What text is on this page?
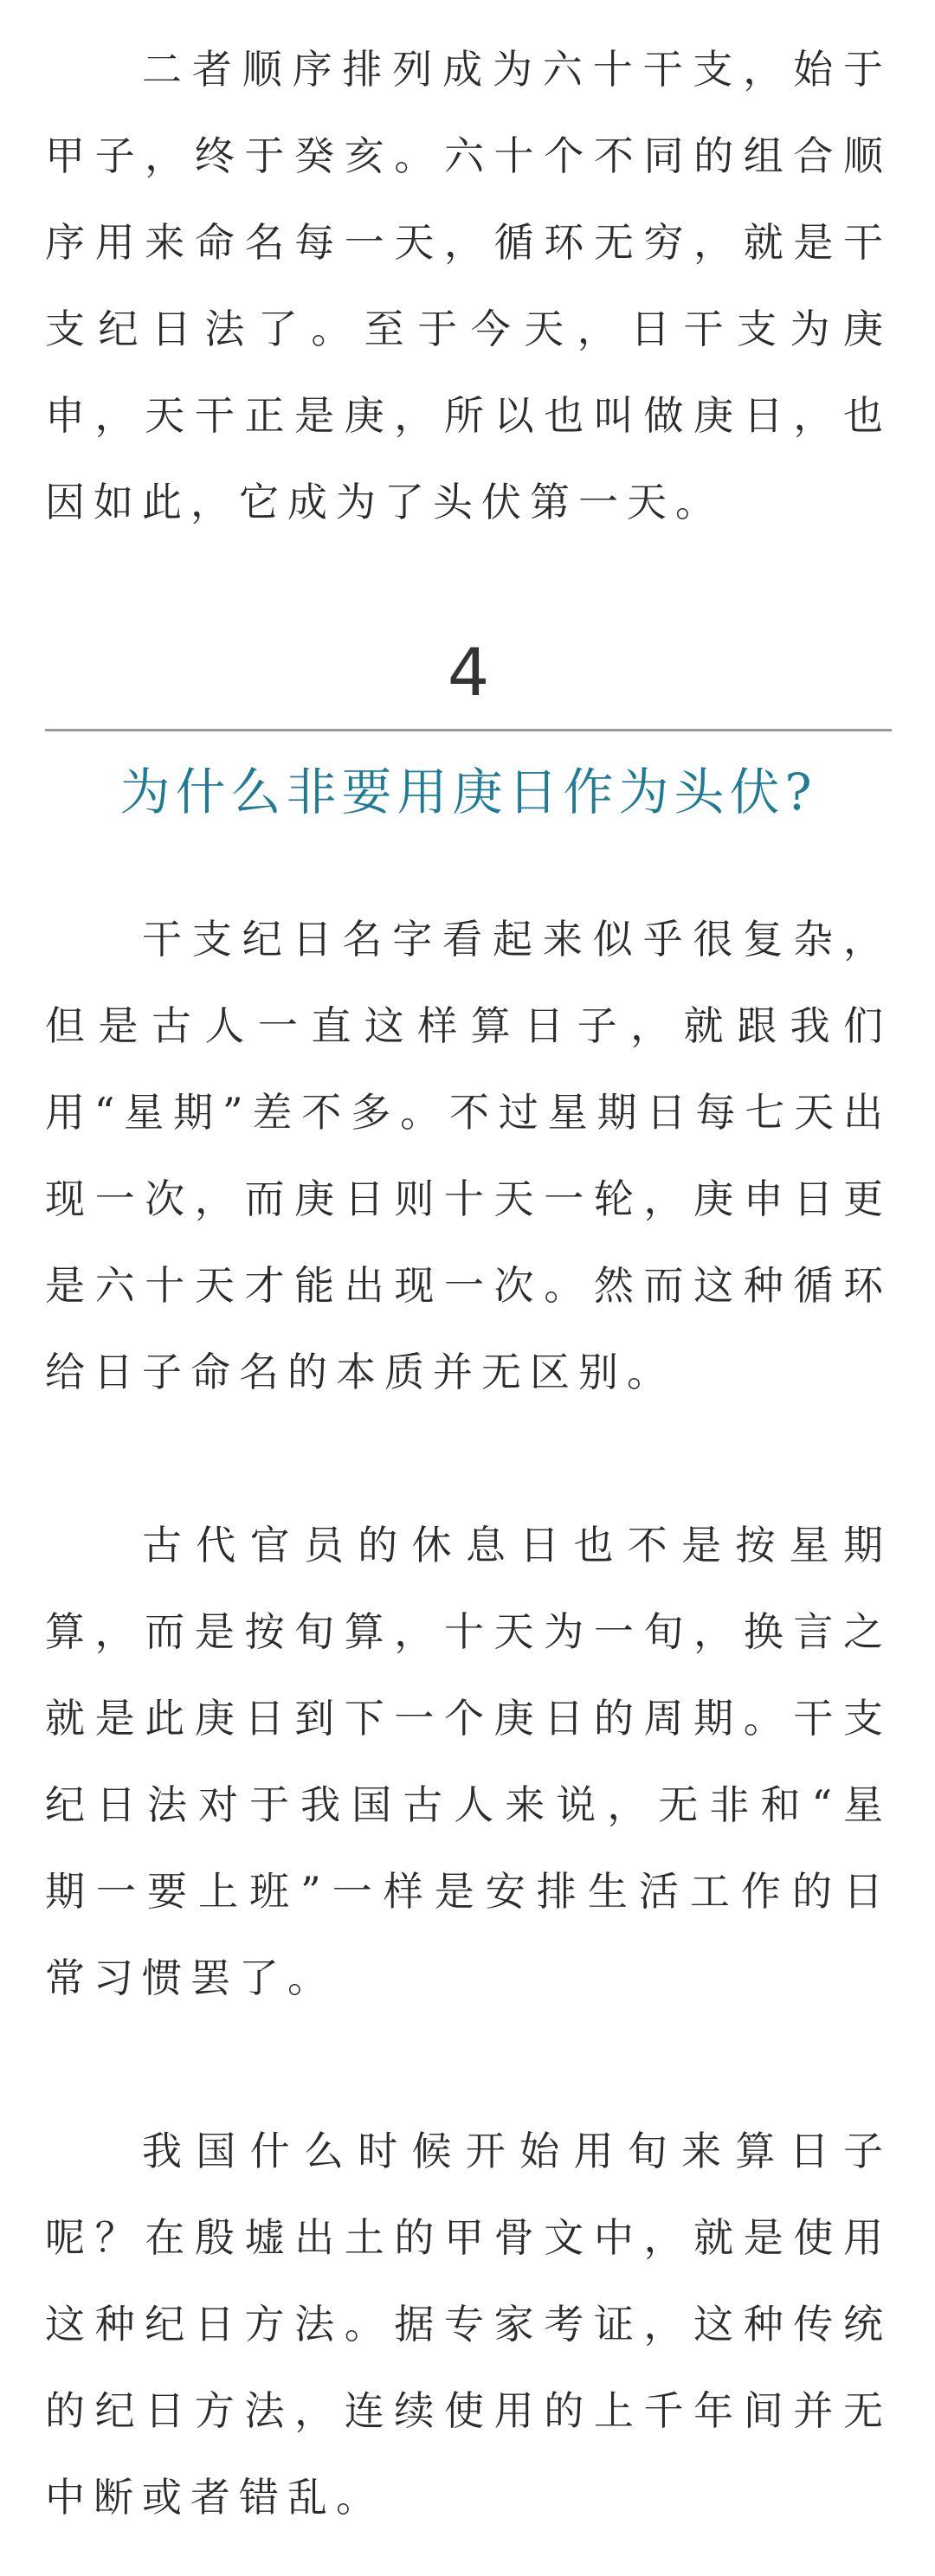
二者顺序排列成为六十干支，始于甲子，终于癸亥。六十个不同的组合顺序用来命名每一天，循环无穷，就是干支纪日法了。至于今天，日干支为庚申，天干正是庚，所以也叫做庚日，也因如此，它成为了头伏第一天。

4
为什么非要用庚日作为头伏?

干支纪日名字看起来似乎很复杂，但是古人一直这样算日子，就跟我们用“星期”差不多。不过星期日每七天出现一次，而庚日则十天一轮，庚申日更是六十天才能出现一次。然而这种循环给日子命名的本质并无区别。

古代官员的休息日也不是按星期算，而是按旬算，十天为一旬，换言之就是此庚日到下一个庚日的周期。干支纪日法对于我国古人来说，无非和“星期一要上班”一样是安排生活工作的日常习惯罢了。

我国什么时候开始用旬来算日子呢？在殷墟出土的甲骨文中，就是使用这种纪日方法。据专家考证，这种传统的纪日方法，连续使用的上千年间并无中断或者错乱。
